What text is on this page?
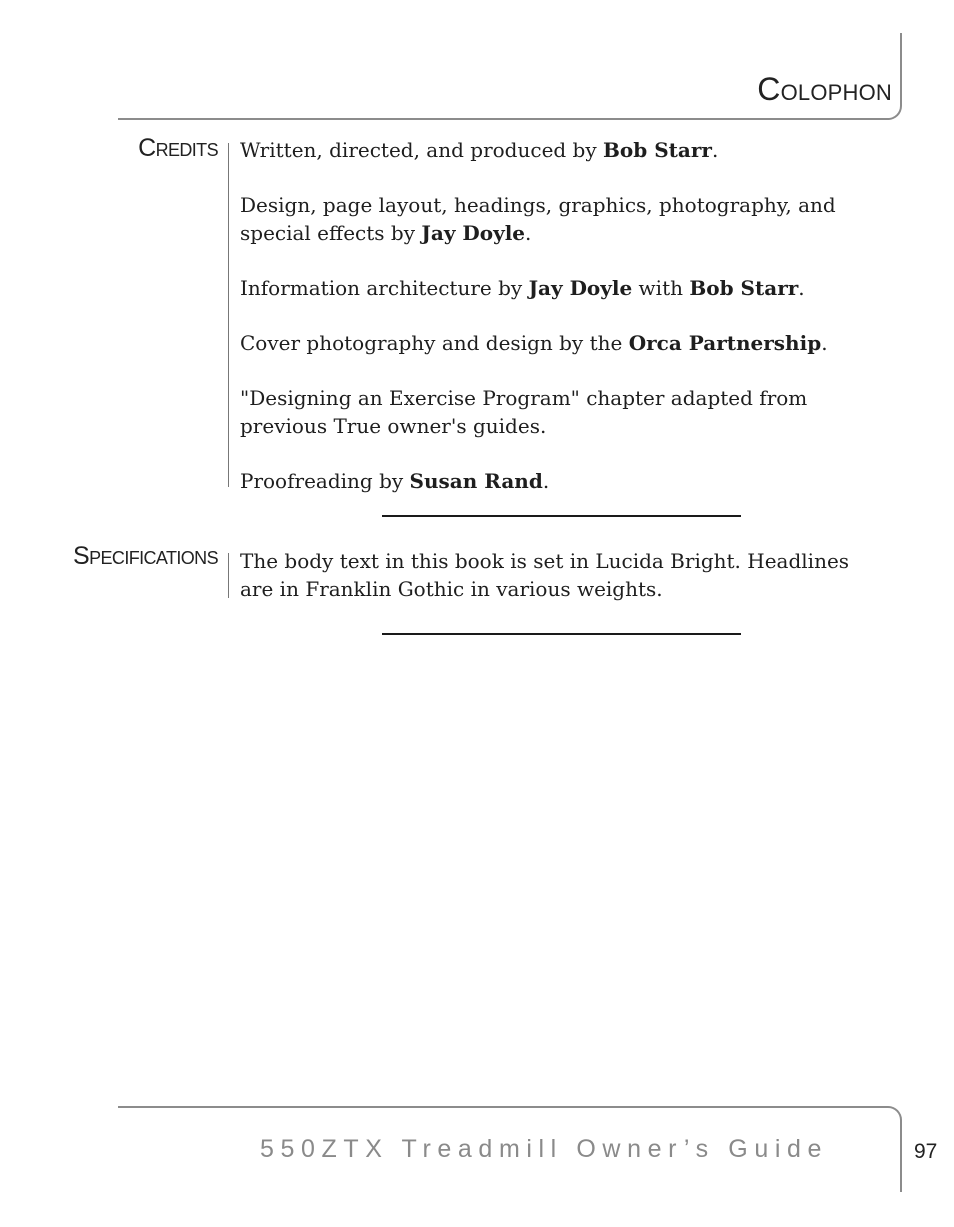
Colophon
Credits Written, directed, and produced by Bob Starr.

Design, page layout, headings, graphics, photography, and special effects by Jay Doyle.

Information architecture by Jay Doyle with Bob Starr.

Cover photography and design by the Orca Partnership.

"Designing an Exercise Program" chapter adapted from previous True owner's guides.

Proofreading by Susan Rand.

Specifications The body text in this book is set in Lucida Bright. Headlines are in Franklin Gothic in various weights.

550ZTX Treadmill Owner’s Guide	97
